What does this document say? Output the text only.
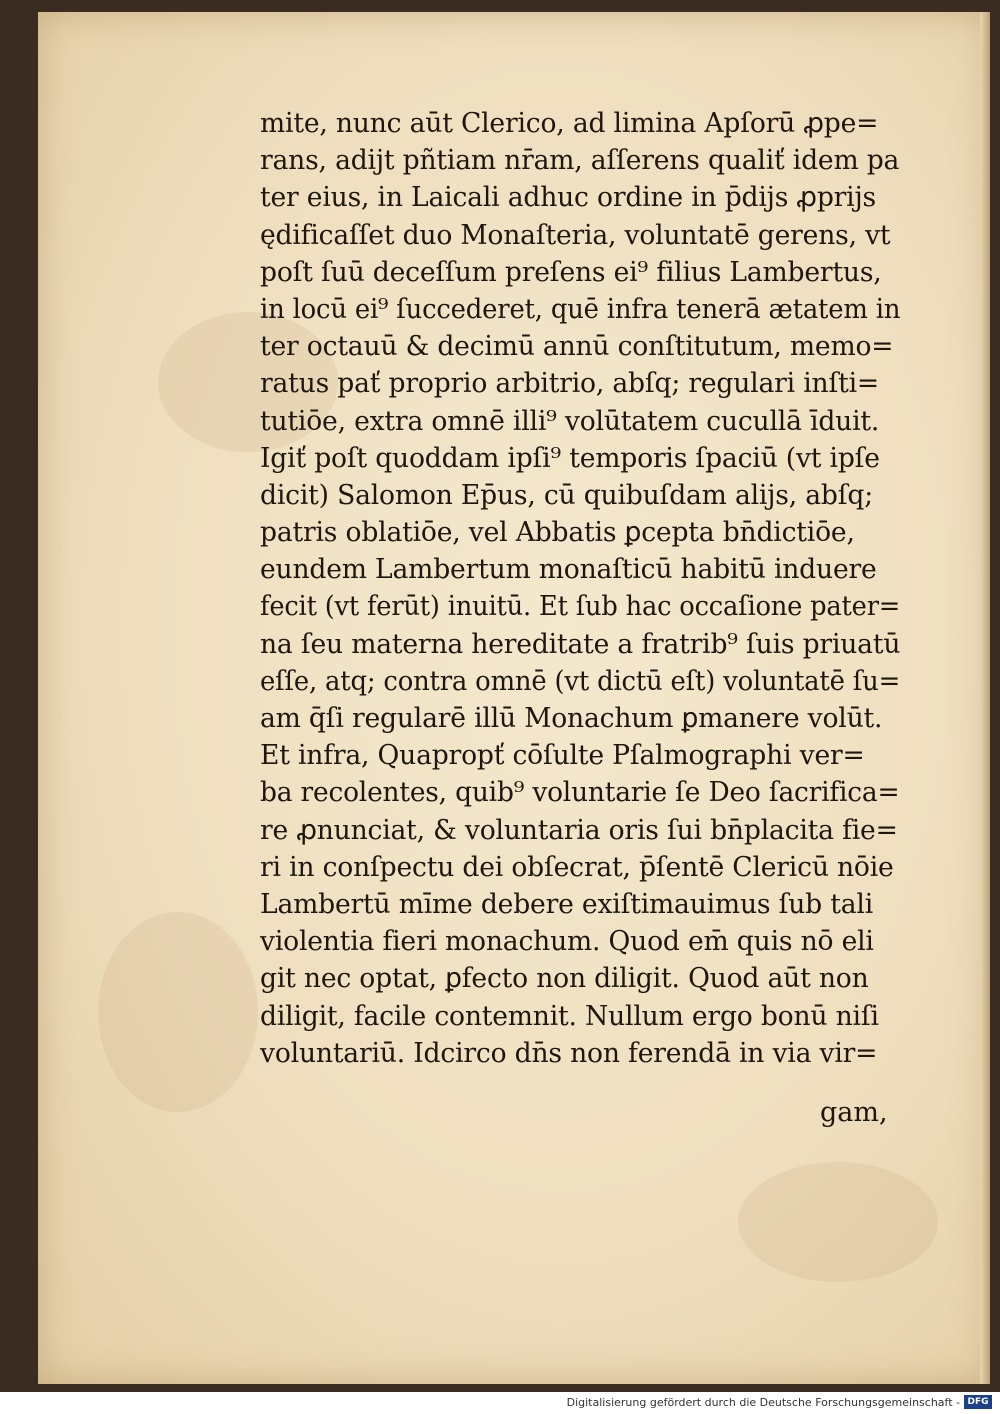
mite, nunc aūt Clerico, ad limina Apſorū ꝓpe=
rans, adijt pñtiam nr̄am, aſſerens qualiť idem pa
ter eius, in Laicali adhuc ordine in p̄dijs ꝓprijs
ędificaſſet duo Monaſteria, voluntatē gerens, vt
poſt ſuū deceſſum preſens ei⁹ filius Lambertus,
in locū ei⁹ ſuccederet, quē infra tenerā ætatem in
ter octauū & decimū annū conſtitutum, memo=
ratus pať proprio arbitrio, abſq; regulari inſti=
tutiōe, extra omnē illi⁹ volūtatem cucullā īduit.
Igiť poſt quoddam ipſi⁹ temporis ſpaciū (vt ipſe
dicit) Salomon Ep̄us, cū quibuſdam alijs, abſq;
patris oblatiōe, vel Abbatis ꝑcepta bn̄dictiōe,
eundem Lambertum monaſticū habitū induere
fecit (vt ferūt) inuitū. Et ſub hac occaſione pater=
na ſeu materna hereditate a fratrib⁹ ſuis priuatū
eſſe, atq; contra omnē (vt dictū eſt) voluntatē ſu=
am q̄ſi regularē illū Monachum ꝑmanere volūt.
Et infra, Quapropť cōſulte Pſalmographi ver=
ba recolentes, quib⁹ voluntarie ſe Deo ſacrifica=
re ꝓnunciat, & voluntaria oris ſui bn̄placita fie=
ri in conſpectu dei obſecrat, p̄ſentē Clericū nōie
Lambertū mīme debere exiſtimauimus ſub tali
violentia fieri monachum. Quod em̄ quis nō eli
git nec optat, ꝑfecto non diligit. Quod aūt non
diligit, facile contemnit. Nullum ergo bonū niſi
voluntariū. Idcirco dn̄s non ferendā in via vir=
gam,
Digitalisierung gefördert durch die Deutsche Forschungsgemeinschaft - DFG
